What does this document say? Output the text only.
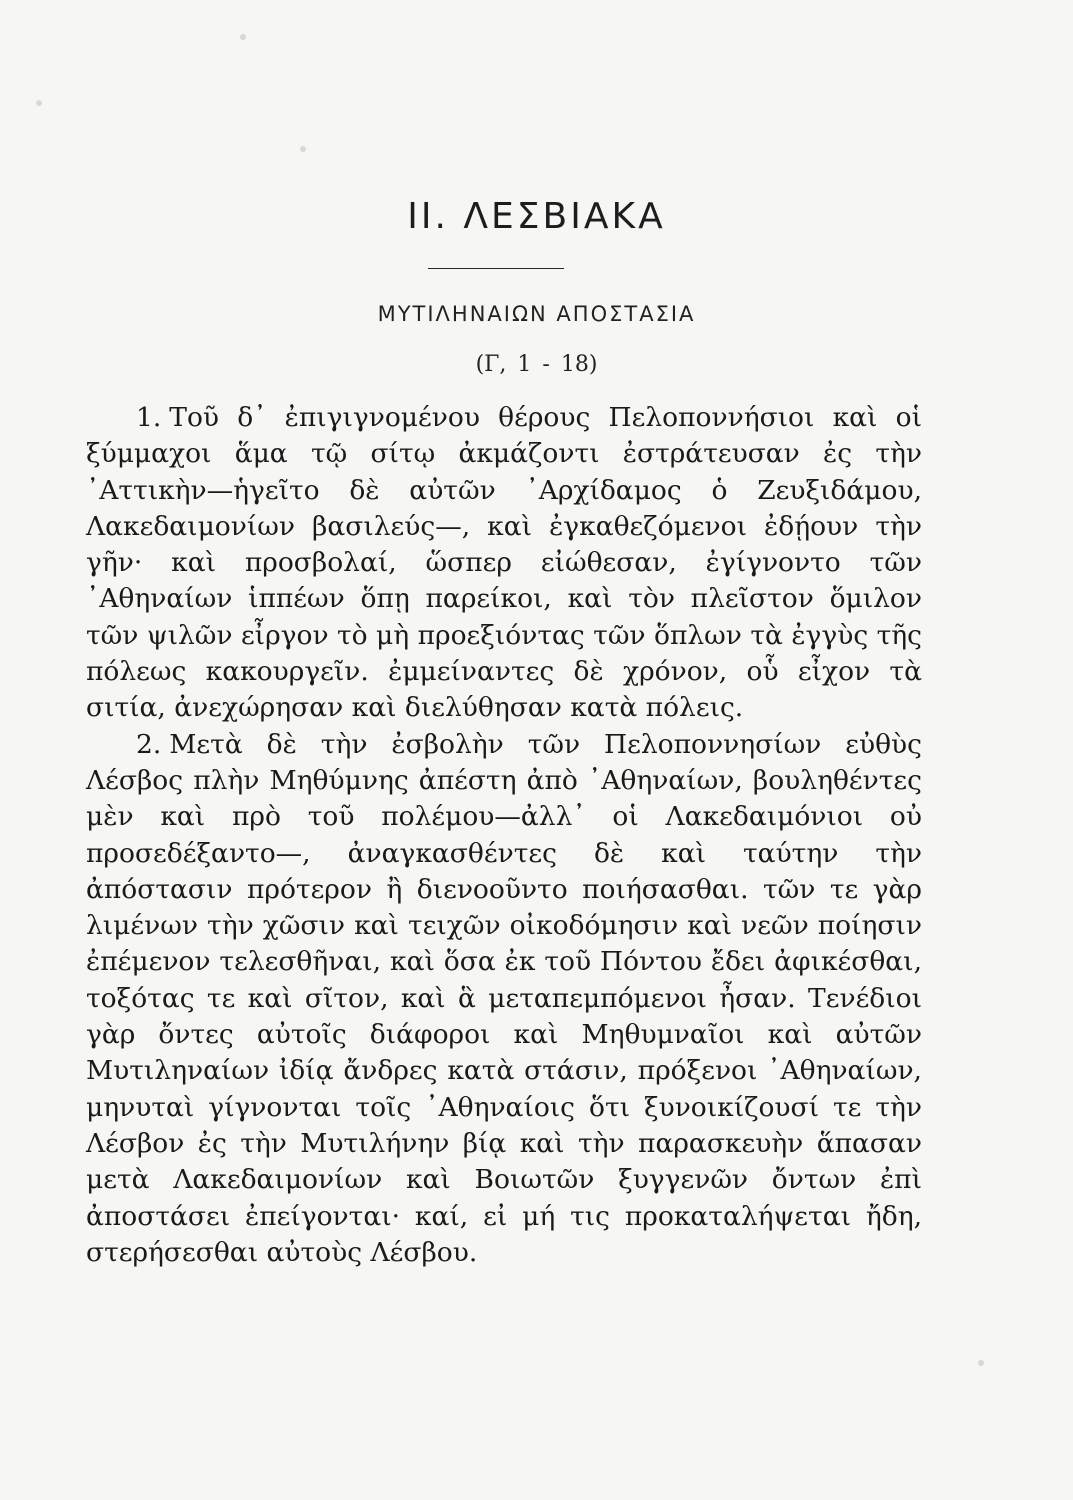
II. ΛΕΣΒΙΑΚΑ
ΜΥΤΙΛΗΝΑΙΩΝ ΑΠΟΣΤΑΣΙΑ
(Γ, 1 - 18)

1. Τοῦ δ᾽ ἐπιγιγνομένου θέρους Πελοποννήσιοι καὶ οἱ ξύμμαχοι ἅμα τῷ σίτῳ ἀκμάζοντι ἐστράτευσαν ἐς τὴν ᾽Αττικὴν—ἡγεῖτο δὲ αὐτῶν ᾽Αρχίδαμος ὁ Ζευξιδάμου, Λακεδαιμονίων βασιλεύς—, καὶ ἐγκαθεζόμενοι ἐδῄουν τὴν γῆν· καὶ προσβολαί, ὥσπερ εἰώθεσαν, ἐγίγνοντο τῶν ᾽Αθηναίων ἱππέων ὅπῃ παρείκοι, καὶ τὸν πλεῖστον ὅμιλον τῶν ψιλῶν εἶργον τὸ μὴ προεξιόντας τῶν ὅπλων τὰ ἐγγὺς τῆς πόλεως κακουργεῖν. ἐμμείναντες δὲ χρόνον, οὗ εἶχον τὰ σιτία, ἀνεχώρησαν καὶ διελύθησαν κατὰ πόλεις.

2. Μετὰ δὲ τὴν ἐσβολὴν τῶν Πελοποννησίων εὐθὺς Λέσβος πλὴν Μηθύμνης ἀπέστη ἀπὸ ᾽Αθηναίων, βουληθέντες μὲν καὶ πρὸ τοῦ πολέμου—ἀλλ᾽ οἱ Λακεδαιμόνιοι οὐ προσεδέξαντο—, ἀναγκασθέντες δὲ καὶ ταύτην τὴν ἀπόστασιν πρότερον ἢ διενοοῦντο ποιήσασθαι. τῶν τε γὰρ λιμένων τὴν χῶσιν καὶ τειχῶν οἰκοδόμησιν καὶ νεῶν ποίησιν ἐπέμενον τελεσθῆναι, καὶ ὅσα ἐκ τοῦ Πόντου ἔδει ἀφικέσθαι, τοξότας τε καὶ σῖτον, καὶ ἃ μεταπεμπόμενοι ἦσαν. Τενέδιοι γὰρ ὄντες αὐτοῖς διάφοροι καὶ Μηθυμναῖοι καὶ αὐτῶν Μυτιληναίων ἰδίᾳ ἄνδρες κατὰ στάσιν, πρόξενοι ᾽Αθηναίων, μηνυταὶ γίγνονται τοῖς ᾽Αθηναίοις ὅτι ξυνοικίζουσί τε τὴν Λέσβον ἐς τὴν Μυτιλήνην βίᾳ καὶ τὴν παρασκευὴν ἅπασαν μετὰ Λακεδαιμονίων καὶ Βοιωτῶν ξυγγενῶν ὄντων ἐπὶ ἀποστάσει ἐπείγονται· καί, εἰ μή τις προκαταλήψεται ἤδη, στερήσεσθαι αὐτοὺς Λέσβου.
